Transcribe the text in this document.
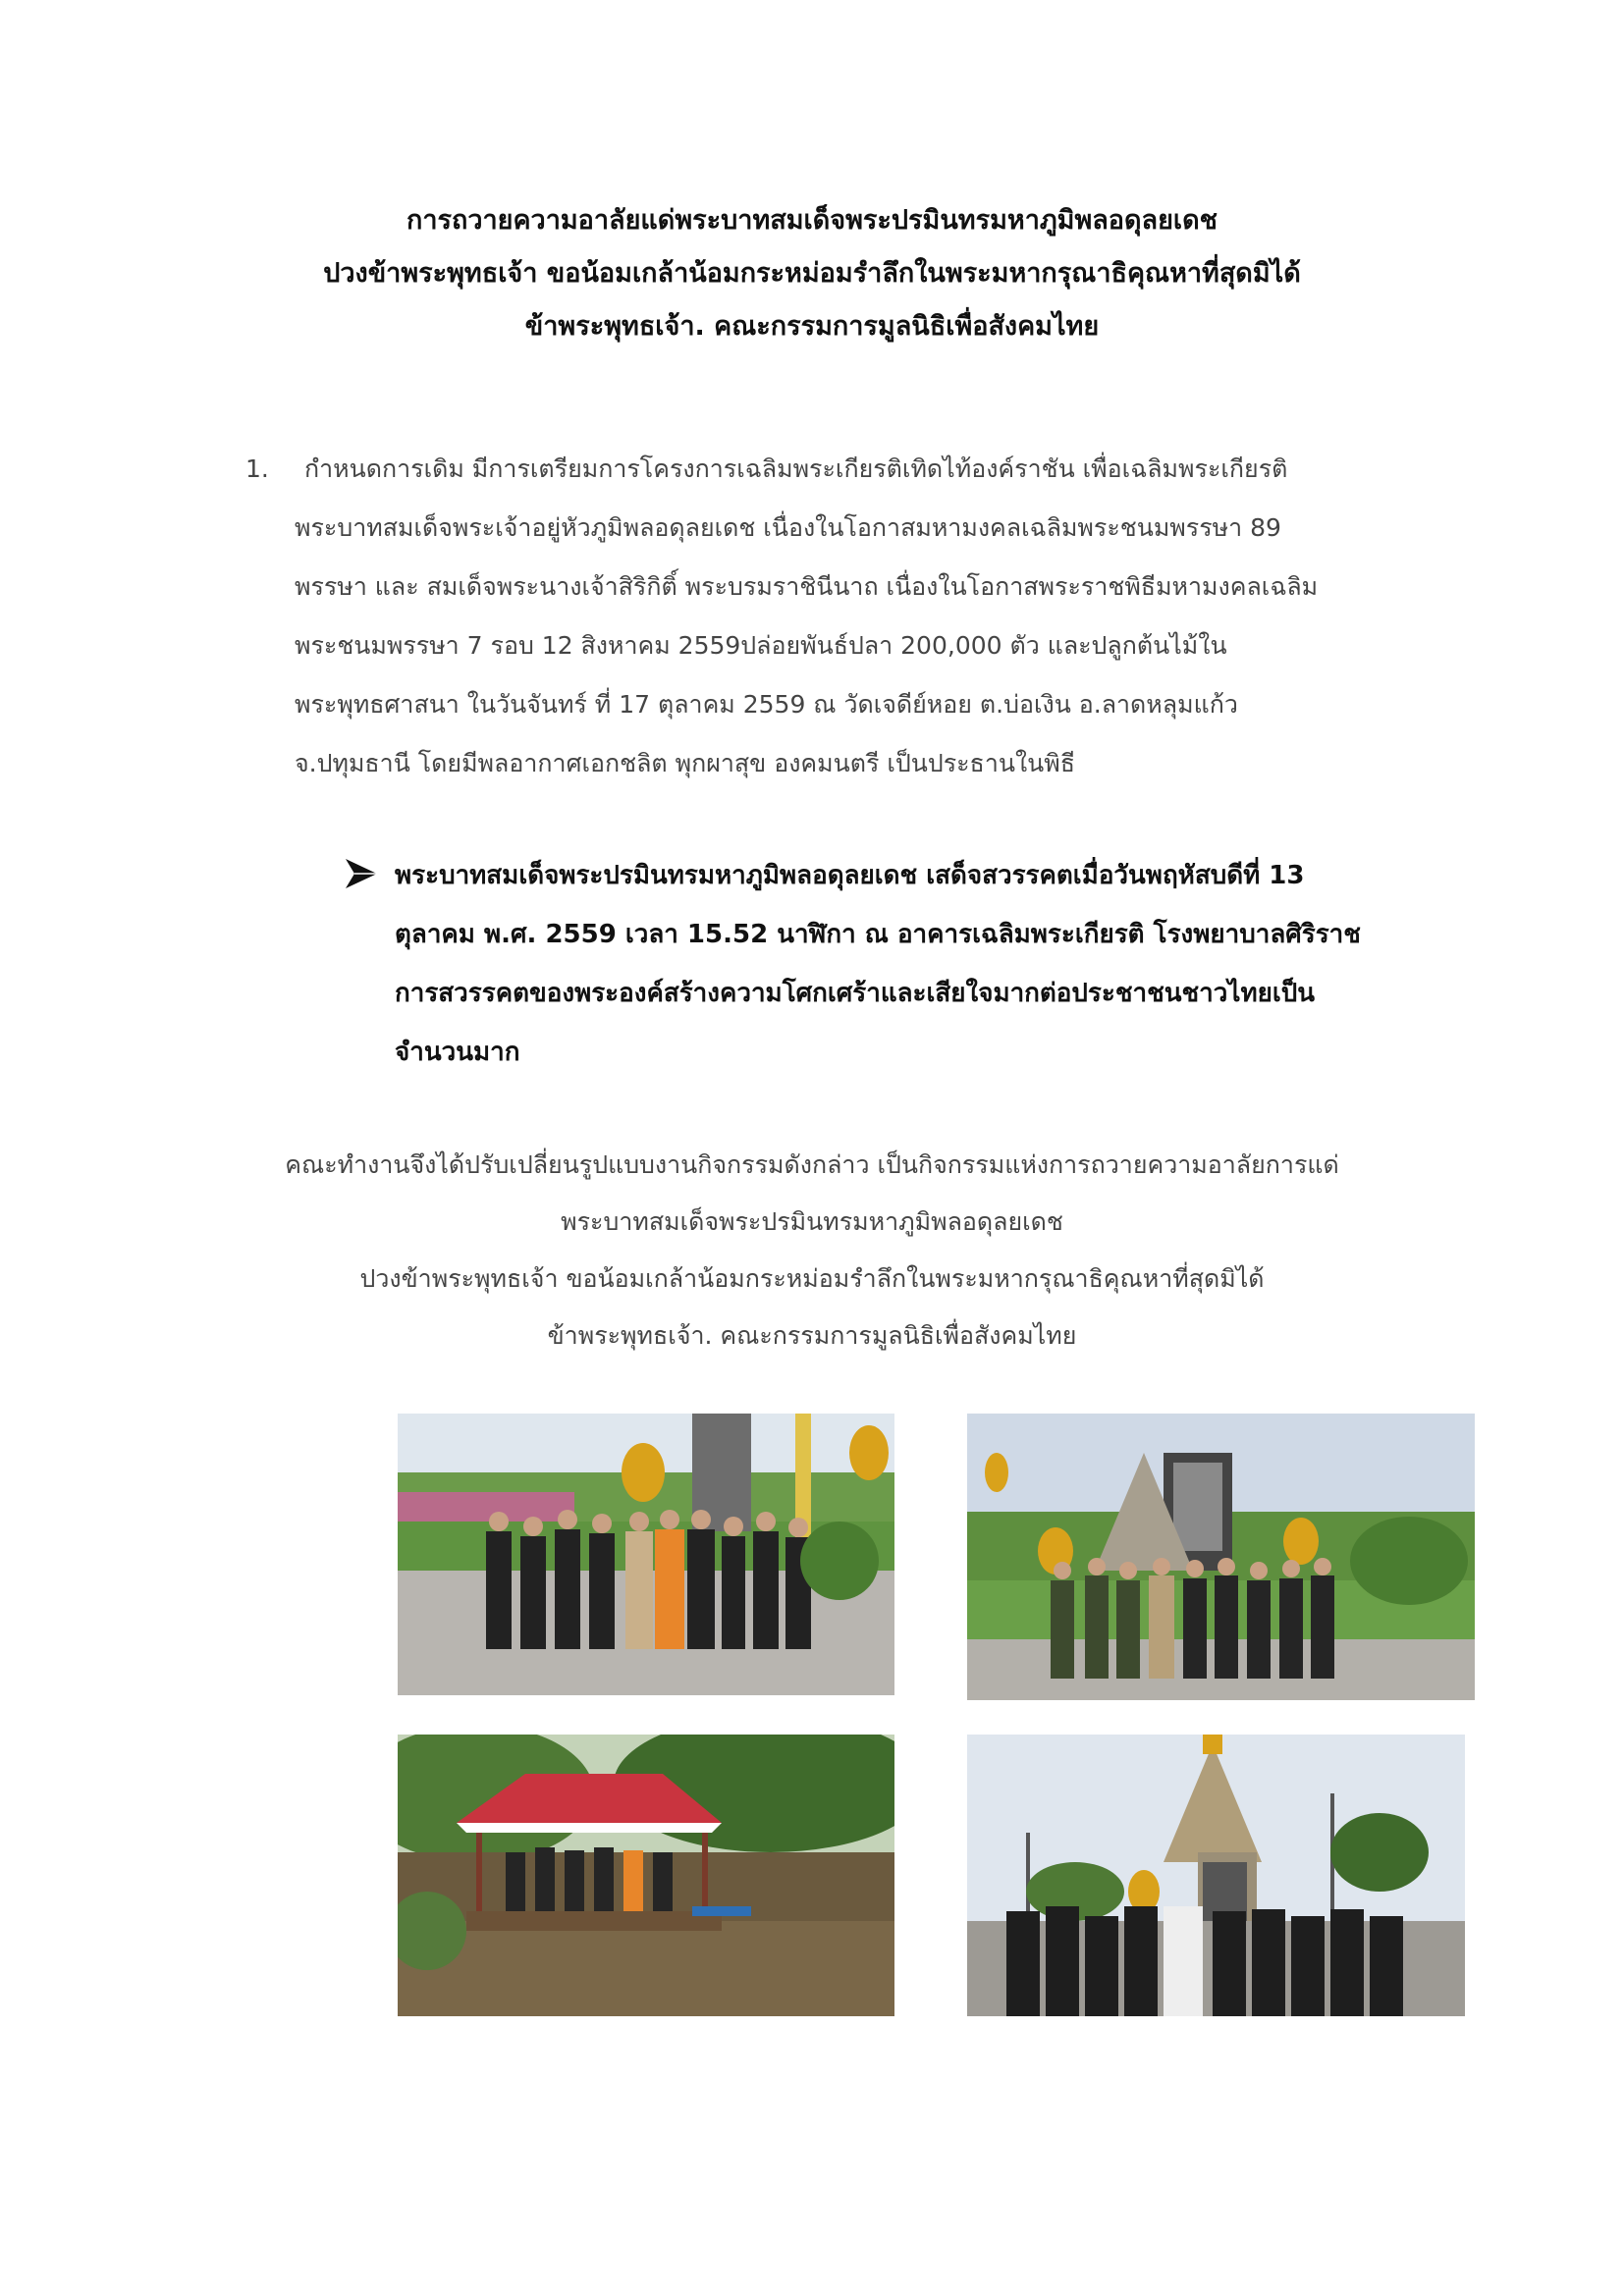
การถวายความอาลัยแด่พระบาทสมเด็จพระปรมินทรมหาภูมิพลอดุลยเดช
ปวงข้าพระพุทธเจ้า ขอน้อมเกล้าน้อมกระหม่อมรำลึกในพระมหากรุณาธิคุณหาที่สุดมิได้
ข้าพระพุทธเจ้า. คณะกรรมการมูลนิธิเพื่อสังคมไทย
1.	กำหนดการเดิม มีการเตรียมการโครงการเฉลิมพระเกียรติเทิดไท้องค์ราชัน เพื่อเฉลิมพระเกียรติ
พระบาทสมเด็จพระเจ้าอยู่หัวภูมิพลอดุลยเดช เนื่องในโอกาสมหามงคลเฉลิมพระชนมพรรษา 89
พรรษา และ สมเด็จพระนางเจ้าสิริกิติ์ พระบรมราชินีนาถ เนื่องในโอกาสพระราชพิธีมหามงคลเฉลิม
พระชนมพรรษา 7 รอบ 12 สิงหาคม 2559ปล่อยพันธ์ปลา 200,000 ตัว และปลูกต้นไม้ใน
พระพุทธศาสนา ในวันจันทร์ ที่ 17 ตุลาคม 2559 ณ วัดเจดีย์หอย ต.บ่อเงิน อ.ลาดหลุมแก้ว
จ.ปทุมธานี โดยมีพลอากาศเอกชลิต พุกผาสุข องคมนตรี เป็นประธานในพิธี
พระบาทสมเด็จพระปรมินทรมหาภูมิพลอดุลยเดช เสด็จสวรรคตเมื่อวันพฤหัสบดีที่ 13
ตุลาคม พ.ศ. 2559 เวลา 15.52 นาฬิกา ณ อาคารเฉลิมพระเกียรติ โรงพยาบาลศิริราช
การสวรรคตของพระองค์สร้างความโศกเศร้าและเสียใจมากต่อประชาชนชาวไทยเป็น
จำนวนมาก
คณะทำงานจึงได้ปรับเปลี่ยนรูปแบบงานกิจกรรมดังกล่าว เป็นกิจกรรมแห่งการถวายความอาลัยการแด่
พระบาทสมเด็จพระปรมินทรมหาภูมิพลอดุลยเดช
ปวงข้าพระพุทธเจ้า ขอน้อมเกล้าน้อมกระหม่อมรำลึกในพระมหากรุณาธิคุณหาที่สุดมิได้
ข้าพระพุทธเจ้า. คณะกรรมการมูลนิธิเพื่อสังคมไทย
